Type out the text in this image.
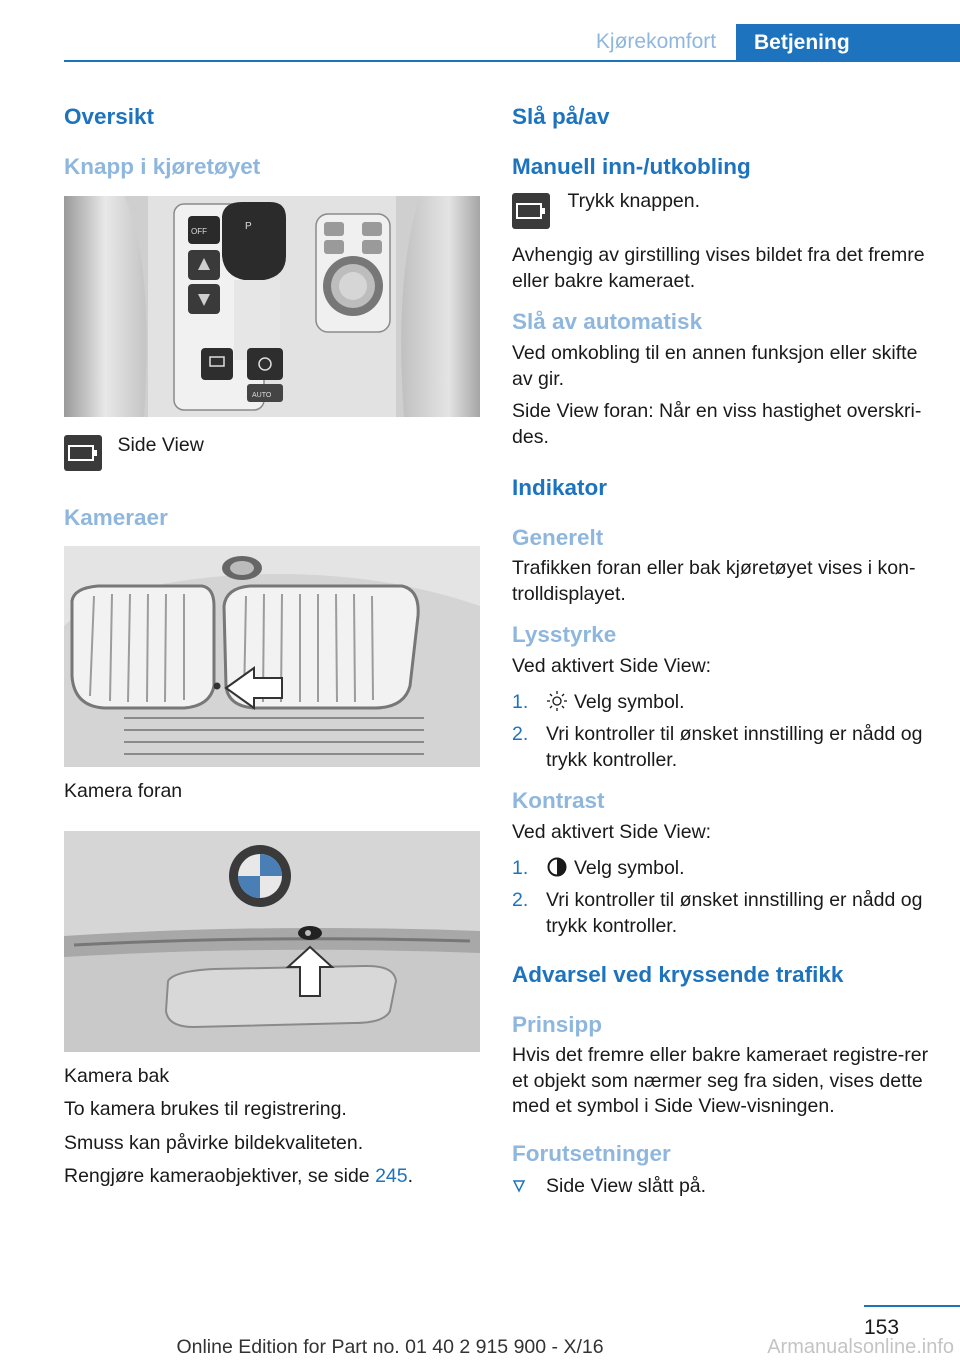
Kjørekomfort	Betjening
Oversikt
Knapp i kjøretøyet
OFF	P
AUTO
Side View
Kameraer

Kamera foran

Kamera bak

To kamera brukes til registrering.

Smuss kan påvirke bildekvaliteten.

Rengjøre kameraobjektiver, se side 245.

Slå på/av
Manuell inn-/utkobling
Trykk knappen.

Avhengig av girstilling vises bildet fra det fremre eller bakre kameraet.

Slå av automatisk

Ved omkobling til en annen funksjon eller skifte av gir.

Side View foran: Når en viss hastighet overskri-des.

Indikator
Generelt

Trafikken foran eller bak kjøretøyet vises i kon-trolldisplayet.

Lysstyrke

Ved aktivert Side View:

1. Velg symbol.
2. Vri kontroller til ønsket innstilling er nådd og trykk kontroller.
Kontrast

Ved aktivert Side View:

1. Velg symbol.
2. Vri kontroller til ønsket innstilling er nådd og trykk kontroller.
Advarsel ved kryssende trafikk
Prinsipp

Hvis det fremre eller bakre kameraet registre-rer et objekt som nærmer seg fra siden, vises dette med et symbol i Side View-visningen.

Forutsetninger
Side View slått på.
153
Online Edition for Part no. 01 40 2 915 900 - X/16	Armanualsonline.info
